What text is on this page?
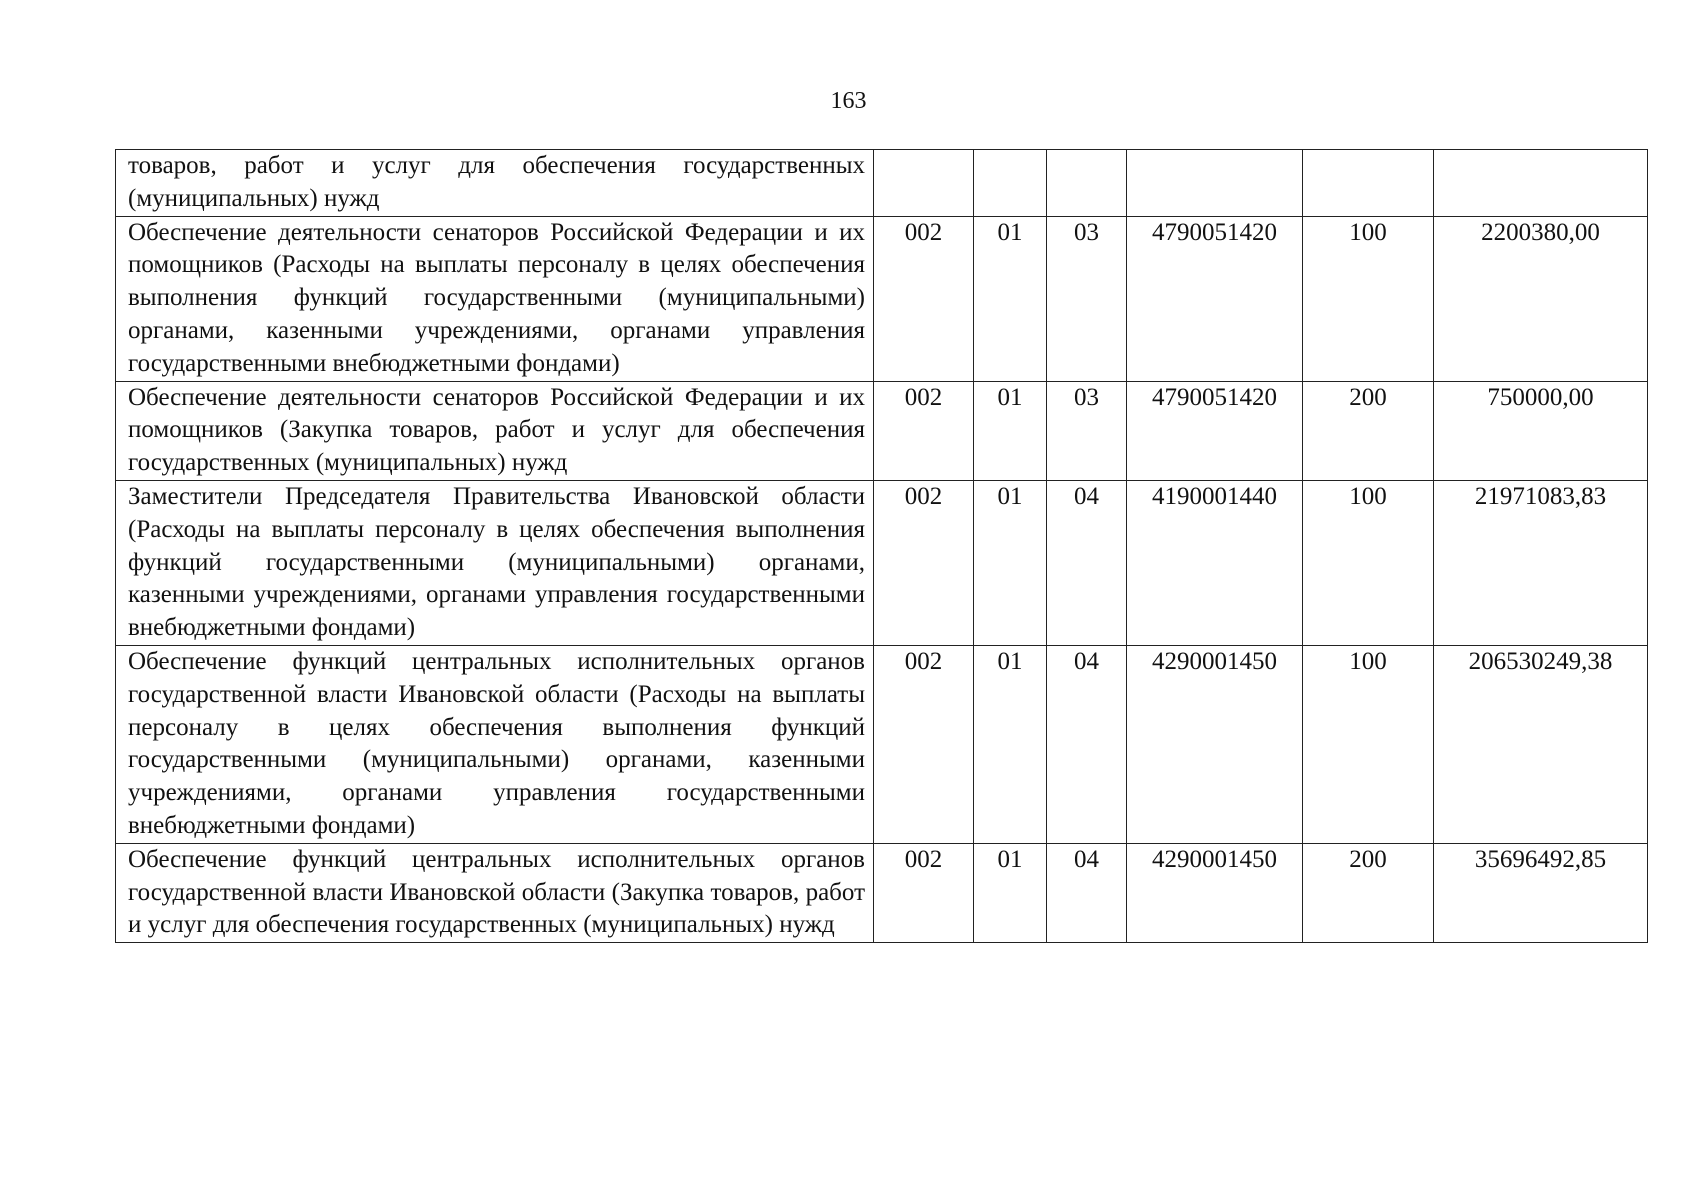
163
товаров, работ и услуг для обеспечения государственных (муниципальных) нужд						
Обеспечение деятельности сенаторов Российской Федерации и их помощников (Расходы на выплаты персоналу в целях обеспечения выполнения функций государственными (муниципальными) органами, казенными учреждениями, органами управления государственными внебюджетными фондами)	002	01	03	4790051420	100	2200380,00
Обеспечение деятельности сенаторов Российской Федерации и их помощников (Закупка товаров, работ и услуг для обеспечения государственных (муниципальных) нужд	002	01	03	4790051420	200	750000,00
Заместители Председателя Правительства Ивановской области (Расходы на выплаты персоналу в целях обеспечения выполнения функций государственными (муниципальными) органами, казенными учреждениями, органами управления государственными внебюджетными фондами)	002	01	04	4190001440	100	21971083,83
Обеспечение функций центральных исполнительных органов государственной власти Ивановской области (Расходы на выплаты персоналу в целях обеспечения выполнения функций государственными (муниципальными) органами, казенными учреждениями, органами управления государственными внебюджетными фондами)	002	01	04	4290001450	100	206530249,38
Обеспечение функций центральных исполнительных органов государственной власти Ивановской области (Закупка товаров, работ и услуг для обеспечения государственных (муниципальных) нужд	002	01	04	4290001450	200	35696492,85
